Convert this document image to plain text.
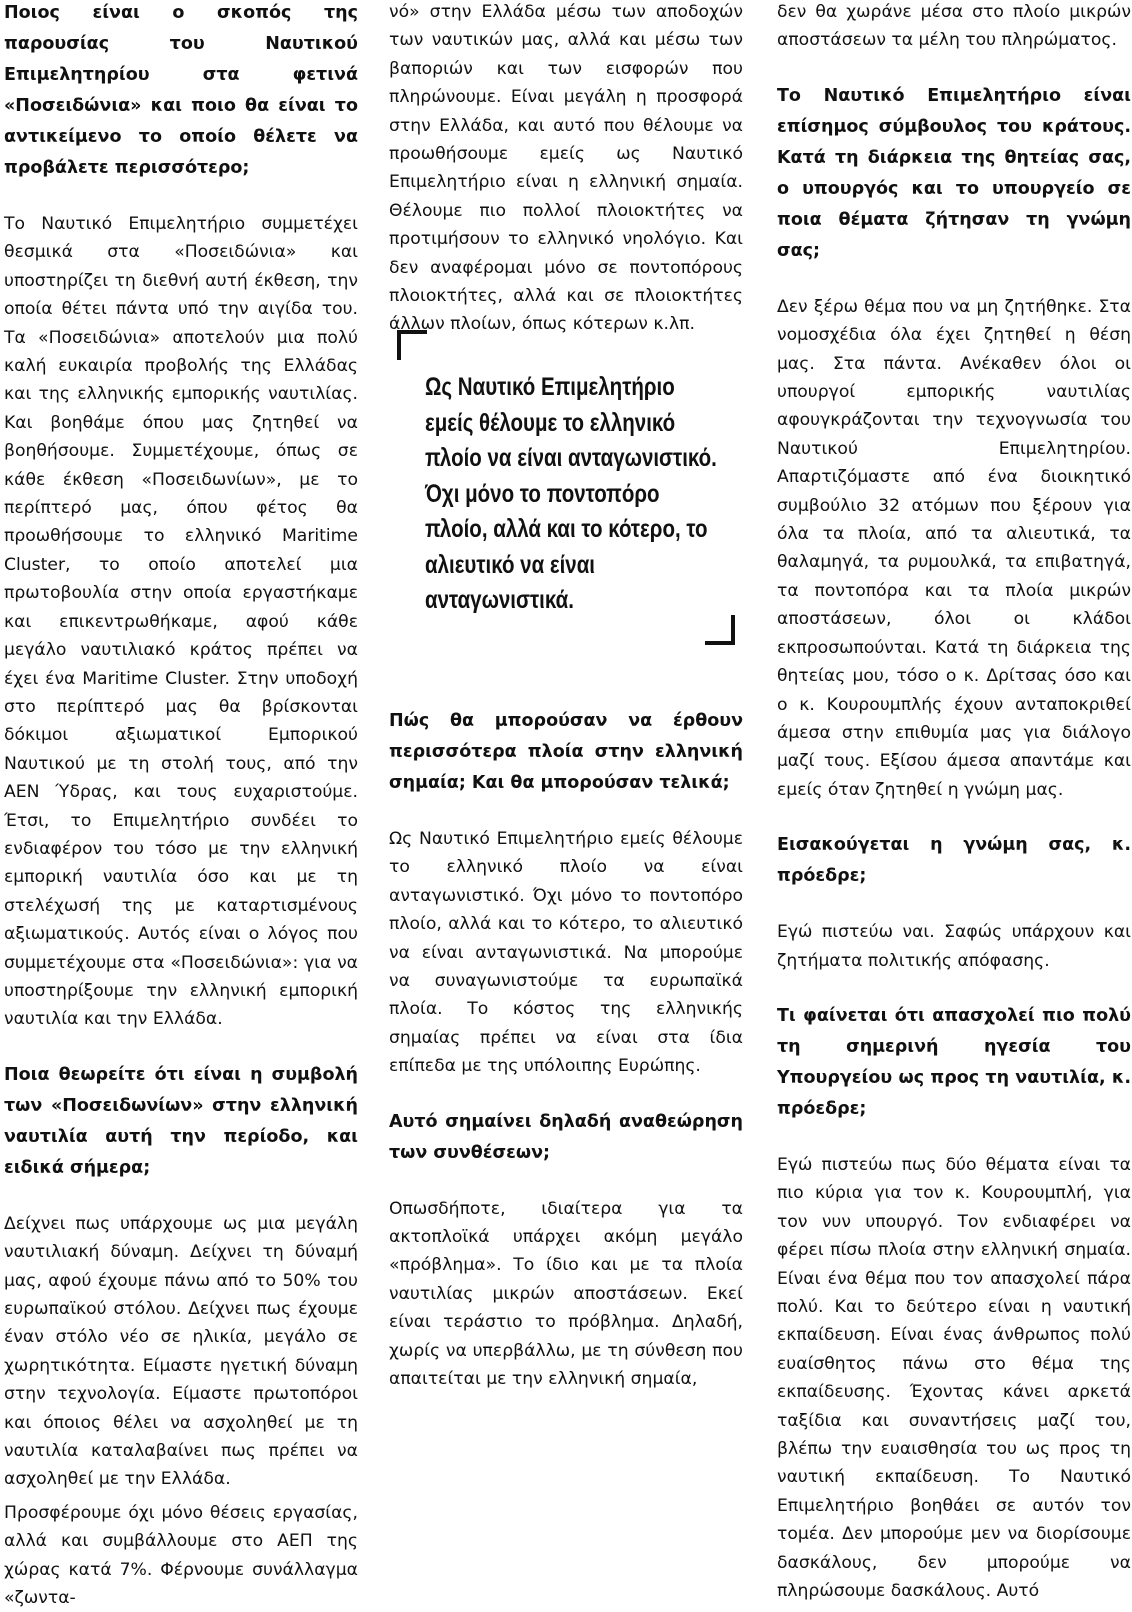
Ποιος είναι ο σκοπός της παρουσίας του Ναυτικού Επιμελητηρίου στα φετινά «Ποσειδώνια» και ποιο θα είναι το αντικείμενο το οποίο θέλετε να προβάλετε περισσότερο;

Το Ναυτικό Επιμελητήριο συμμετέχει θεσμικά στα «Ποσειδώνια» και υποστηρίζει τη διεθνή αυτή έκθεση, την οποία θέτει πάντα υπό την αιγίδα του. Τα «Ποσειδώνια» αποτελούν μια πολύ καλή ευκαιρία προβολής της Ελλάδας και της ελληνικής εμπορικής ναυτιλίας. Και βοηθάμε όπου μας ζητηθεί να βοηθήσουμε. Συμμετέχουμε, όπως σε κάθε έκθεση «Ποσειδωνίων», με το περίπτερό μας, όπου φέτος θα προωθήσουμε το ελληνικό Maritime Cluster, το οποίο αποτελεί μια πρωτοβουλία στην οποία εργαστήκαμε και επικεντρωθήκαμε, αφού κάθε μεγάλο ναυτιλιακό κράτος πρέπει να έχει ένα Maritime Cluster. Στην υποδοχή στο περίπτερό μας θα βρίσκονται δόκιμοι αξιωματικοί Εμπορικού Ναυτικού με τη στολή τους, από την ΑΕΝ Ύδρας, και τους ευχαριστούμε. Έτσι, το Επιμελητήριο συνδέει το ενδιαφέρον του τόσο με την ελληνική εμπορική ναυτιλία όσο και με τη στελέχωσή της με καταρτισμένους αξιωματικούς. Αυτός είναι ο λόγος που συμμετέχουμε στα «Ποσειδώνια»: για να υποστηρίξουμε την ελληνική εμπορική ναυτιλία και την Ελλάδα.

Ποια θεωρείτε ότι είναι η συμβολή των «Ποσειδωνίων» στην ελληνική ναυτιλία αυτή την περίοδο, και ειδικά σήμερα;

Δείχνει πως υπάρχουμε ως μια μεγάλη ναυτιλιακή δύναμη. Δείχνει τη δύναμή μας, αφού έχουμε πάνω από το 50% του ευρωπαϊκού στόλου. Δείχνει πως έχουμε έναν στόλο νέο σε ηλικία, μεγάλο σε χωρητικότητα. Είμαστε ηγετική δύναμη στην τεχνολογία. Είμαστε πρωτοπόροι και όποιος θέλει να ασχοληθεί με τη ναυτιλία καταλαβαίνει πως πρέπει να ασχοληθεί με την Ελλάδα.

Προσφέρουμε όχι μόνο θέσεις εργασίας, αλλά και συμβάλλουμε στο ΑΕΠ της χώρας κατά 7%. Φέρνουμε συνάλλαγμα «ζωντα-

νό» στην Ελλάδα μέσω των αποδοχών των ναυτικών μας, αλλά και μέσω των βαποριών και των εισφορών που πληρώνουμε. Είναι μεγάλη η προσφορά στην Ελλάδα, και αυτό που θέλουμε να προωθήσουμε εμείς ως Ναυτικό Επιμελητήριο είναι η ελληνική σημαία. Θέλουμε πιο πολλοί πλοιοκτήτες να προτιμήσουν το ελληνικό νηολόγιο. Και δεν αναφέρομαι μόνο σε ποντοπόρους πλοιοκτήτες, αλλά και σε πλοιοκτήτες άλλων πλοίων, όπως κότερων κ.λπ.

Ως Ναυτικό Επιμελητήριο εμείς θέλουμε το ελληνικό πλοίο να είναι ανταγωνιστικό. Όχι μόνο το ποντοπόρο πλοίο, αλλά και το κότερο, το αλιευτικό να είναι ανταγωνιστικά.

Πώς θα μπορούσαν να έρθουν περισσότερα πλοία στην ελληνική σημαία; Και θα μπορούσαν τελικά;

Ως Ναυτικό Επιμελητήριο εμείς θέλουμε το ελληνικό πλοίο να είναι ανταγωνιστικό. Όχι μόνο το ποντοπόρο πλοίο, αλλά και το κότερο, το αλιευτικό να είναι ανταγωνιστικά. Να μπορούμε να συναγωνιστούμε τα ευρωπαϊκά πλοία. Το κόστος της ελληνικής σημαίας πρέπει να είναι στα ίδια επίπεδα με της υπόλοιπης Ευρώπης.

Αυτό σημαίνει δηλαδή αναθεώρηση των συνθέσεων;

Οπωσδήποτε, ιδιαίτερα για τα ακτοπλοϊκά υπάρχει ακόμη μεγάλο «πρόβλημα». Το ίδιο και με τα πλοία ναυτιλίας μικρών αποστάσεων. Εκεί είναι τεράστιο το πρόβλημα. Δηλαδή, χωρίς να υπερβάλλω, με τη σύνθεση που απαιτείται με την ελληνική σημαία,

δεν θα χωράνε μέσα στο πλοίο μικρών αποστάσεων τα μέλη του πληρώματος.

Το Ναυτικό Επιμελητήριο είναι επίσημος σύμβουλος του κράτους. Κατά τη διάρκεια της θητείας σας, ο υπουργός και το υπουργείο σε ποια θέματα ζήτησαν τη γνώμη σας;

Δεν ξέρω θέμα που να μη ζητήθηκε. Στα νομοσχέδια όλα έχει ζητηθεί η θέση μας. Στα πάντα. Ανέκαθεν όλοι οι υπουργοί εμπορικής ναυτιλίας αφουγκράζονται την τεχνογνωσία του Ναυτικού Επιμελητηρίου. Απαρτιζόμαστε από ένα διοικητικό συμβούλιο 32 ατόμων που ξέρουν για όλα τα πλοία, από τα αλιευτικά, τα θαλαμηγά, τα ρυμουλκά, τα επιβατηγά, τα ποντοπόρα και τα πλοία μικρών αποστάσεων, όλοι οι κλάδοι εκπροσωπούνται. Κατά τη διάρκεια της θητείας μου, τόσο ο κ. Δρίτσας όσο και ο κ. Κουρουμπλής έχουν ανταποκριθεί άμεσα στην επιθυμία μας για διάλογο μαζί τους. Εξίσου άμεσα απαντάμε και εμείς όταν ζητηθεί η γνώμη μας.

Εισακούγεται η γνώμη σας, κ. πρόεδρε;

Εγώ πιστεύω ναι. Σαφώς υπάρχουν και ζητήματα πολιτικής απόφασης.

Τι φαίνεται ότι απασχολεί πιο πολύ τη σημερινή ηγεσία του Υπουργείου ως προς τη ναυτιλία, κ. πρόεδρε;

Εγώ πιστεύω πως δύο θέματα είναι τα πιο κύρια για τον κ. Κουρουμπλή, για τον νυν υπουργό. Τον ενδιαφέρει να φέρει πίσω πλοία στην ελληνική σημαία. Είναι ένα θέμα που τον απασχολεί πάρα πολύ. Και το δεύτερο είναι η ναυτική εκπαίδευση. Είναι ένας άνθρωπος πολύ ευαίσθητος πάνω στο θέμα της εκπαίδευσης. Έχοντας κάνει αρκετά ταξίδια και συναντήσεις μαζί του, βλέπω την ευαισθησία του ως προς τη ναυτική εκπαίδευση. Το Ναυτικό Επιμελητήριο βοηθάει σε αυτόν τον τομέα. Δεν μπορούμε μεν να διορίσουμε δασκάλους, δεν μπορούμε να πληρώσουμε δασκάλους. Αυτό
